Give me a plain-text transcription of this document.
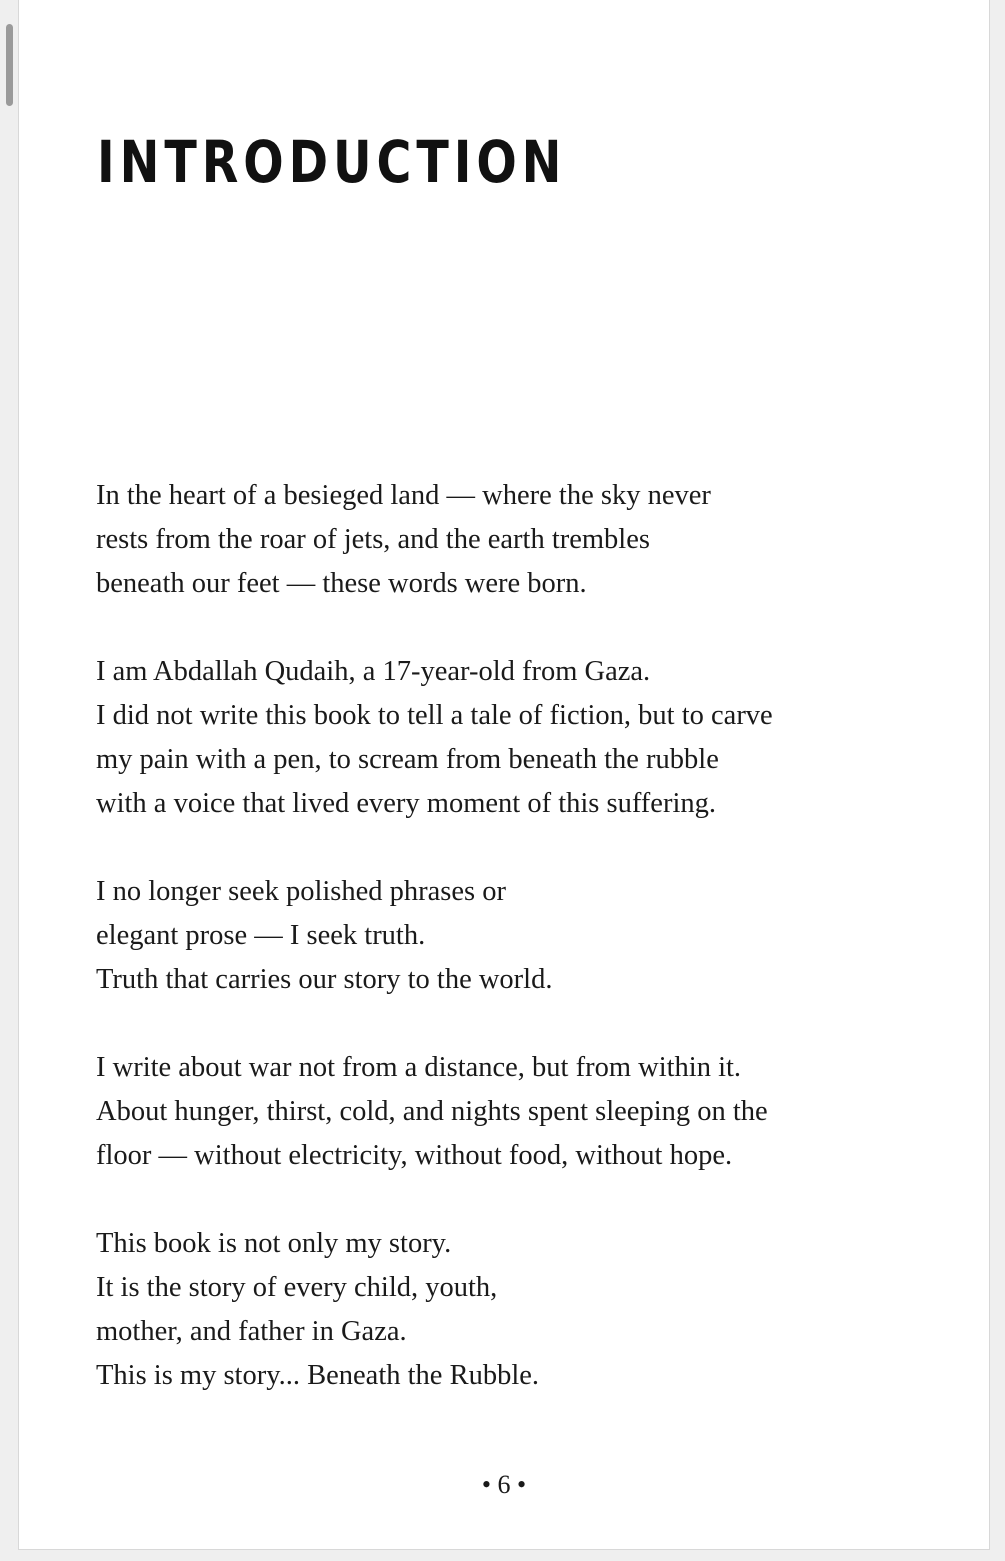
INTRODUCTION

In the heart of a besieged land — where the sky never
rests from the roar of jets, and the earth trembles
beneath our feet — these words were born.

I am Abdallah Qudaih, a 17-year-old from Gaza.
I did not write this book to tell a tale of fiction, but to carve
my pain with a pen, to scream from beneath the rubble
with a voice that lived every moment of this suffering.

I no longer seek polished phrases or
elegant prose — I seek truth.
Truth that carries our story to the world.

I write about war not from a distance, but from within it.
About hunger, thirst, cold, and nights spent sleeping on the
floor — without electricity, without food, without hope.

This book is not only my story.
It is the story of every child, youth,
mother, and father in Gaza.
This is my story... Beneath the Rubble.

• 6 •
